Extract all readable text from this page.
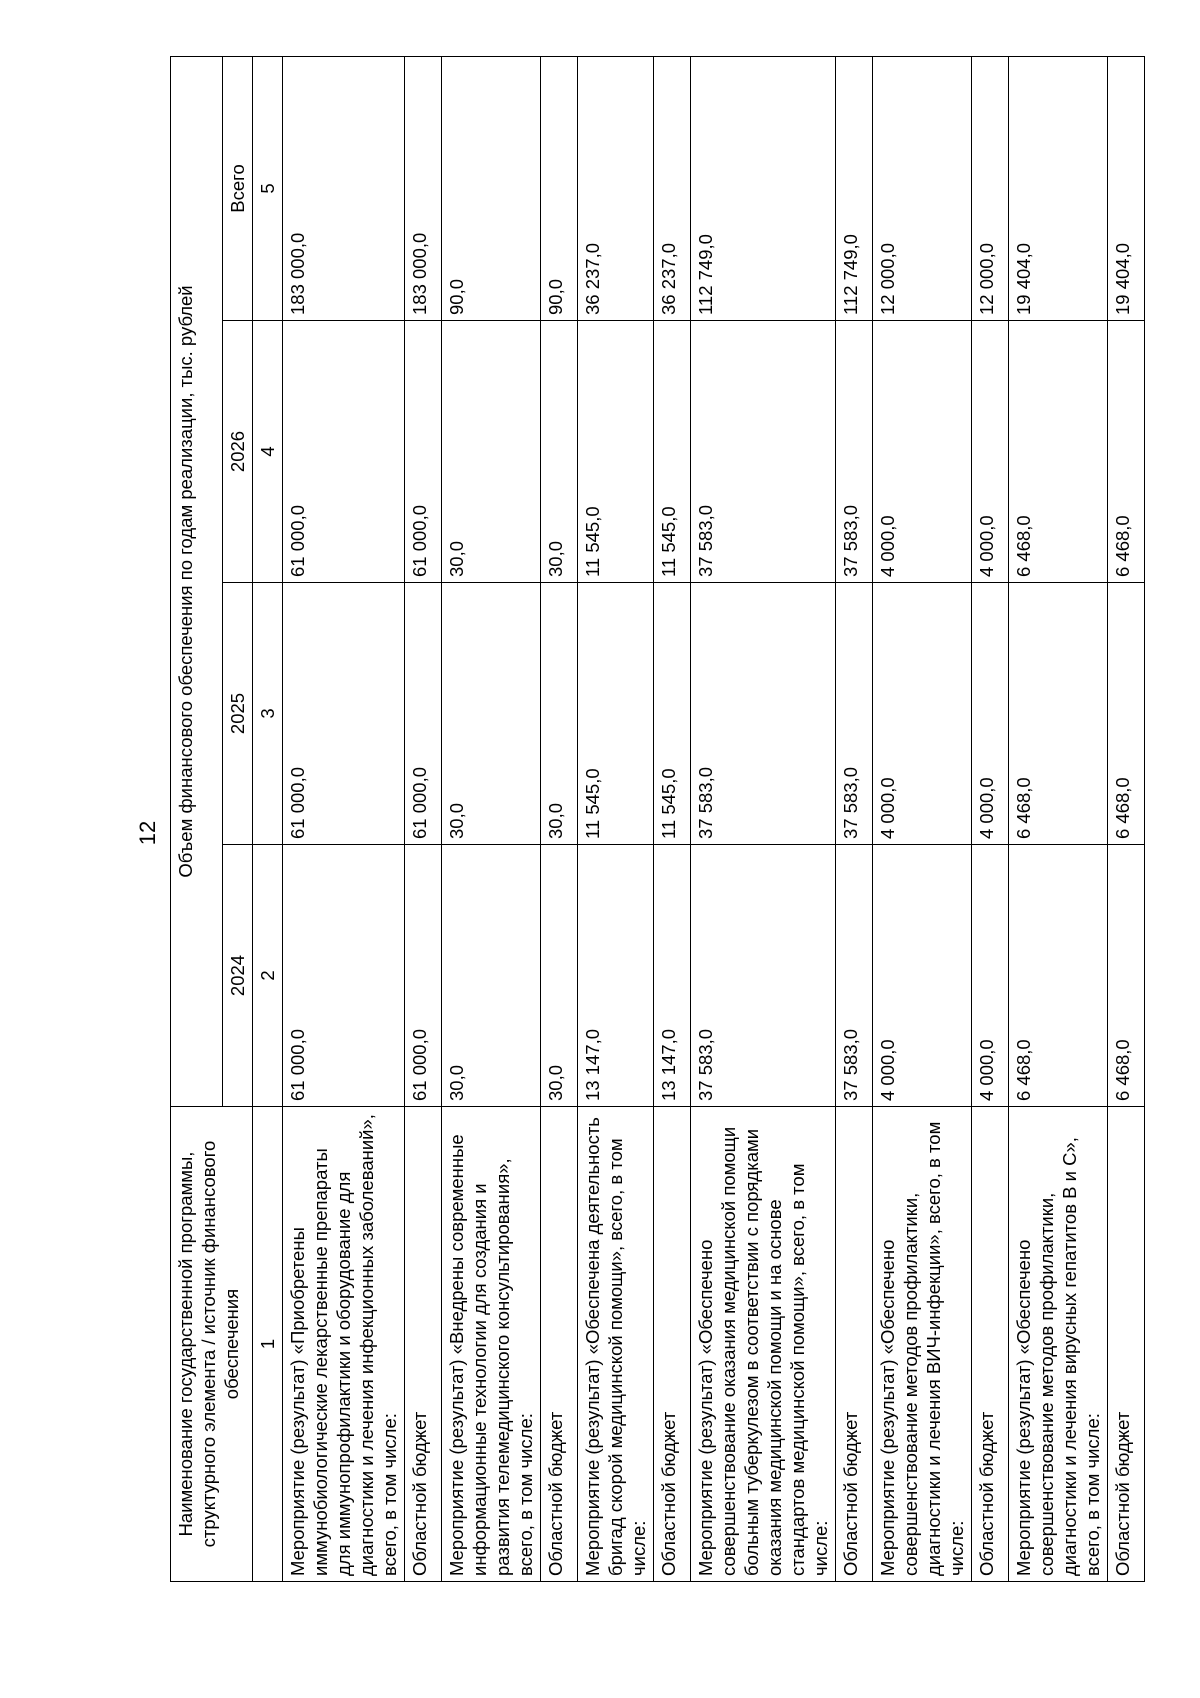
12
Наименование государственной программы, структурного элемента / источник финансового обеспечения	Объем финансового обеспечения по годам реализации, тыс. рублей			
	2024	2025	2026	Всего
1	2	3	4	5
Мероприятие (результат) «Приобретены иммунобиологические лекарственные препараты для иммунопрофилактики и оборудование для диагностики и лечения инфекционных заболеваний», всего, в том числе:	61 000,0	61 000,0	61 000,0	183 000,0
Областной бюджет	61 000,0	61 000,0	61 000,0	183 000,0
Мероприятие (результат) «Внедрены современные информационные технологии для создания и развития телемедицинского консультирования», всего, в том числе:	30,0	30,0	30,0	90,0
Областной бюджет	30,0	30,0	30,0	90,0
Мероприятие (результат) «Обеспечена деятельность бригад скорой медицинской помощи», всего, в том числе:	13 147,0	11 545,0	11 545,0	36 237,0
Областной бюджет	13 147,0	11 545,0	11 545,0	36 237,0
Мероприятие (результат) «Обеспечено совершенствование оказания медицинской помощи больным туберкулезом в соответствии с порядками оказания медицинской помощи и на основе стандартов медицинской помощи», всего, в том числе:	37 583,0	37 583,0	37 583,0	112 749,0
Областной бюджет	37 583,0	37 583,0	37 583,0	112 749,0
Мероприятие (результат) «Обеспечено совершенствование методов профилактики, диагностики и лечения ВИЧ-инфекции», всего, в том числе:	4 000,0	4 000,0	4 000,0	12 000,0
Областной бюджет	4 000,0	4 000,0	4 000,0	12 000,0
Мероприятие (результат) «Обеспечено совершенствование методов профилактики, диагностики и лечения вирусных гепатитов В и С», всего, в том числе:	6 468,0	6 468,0	6 468,0	19 404,0
Областной бюджет	6 468,0	6 468,0	6 468,0	19 404,0
